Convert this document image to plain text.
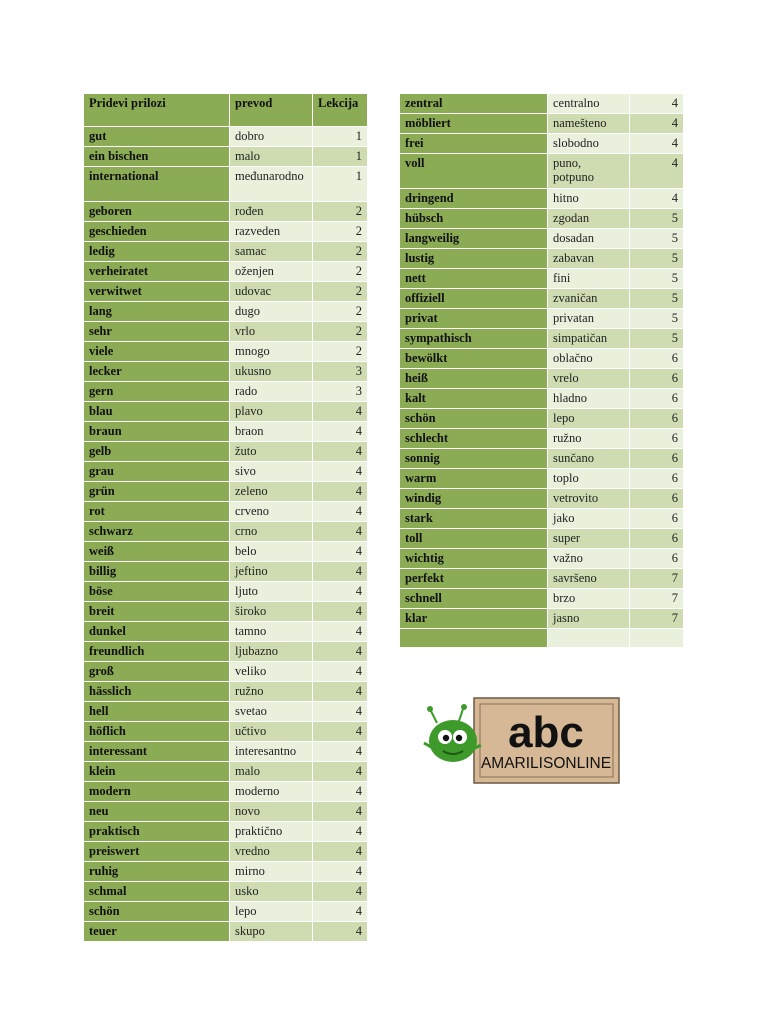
Pridevi prilozi	prevod	Lekcija
gut	dobro	1
ein bischen	malo	1
international	međunarodno	1
geboren	rođen	2
geschieden	razveden	2
ledig	samac	2
verheiratet	oženjen	2
verwitwet	udovac	2
lang	dugo	2
sehr	vrlo	2
viele	mnogo	2
lecker	ukusno	3
gern	rado	3
blau	plavo	4
braun	braon	4
gelb	žuto	4
grau	sivo	4
grün	zeleno	4
rot	crveno	4
schwarz	crno	4
weiß	belo	4
billig	jeftino	4
böse	ljuto	4
breit	široko	4
dunkel	tamno	4
freundlich	ljubazno	4
groß	veliko	4
hässlich	ružno	4
hell	svetao	4
höflich	učtivo	4
interessant	interesantno	4
klein	malo	4
modern	moderno	4
neu	novo	4
praktisch	praktično	4
preiswert	vredno	4
ruhig	mirno	4
schmal	usko	4
schön	lepo	4
teuer	skupo	4
zentral	centralno	4
möbliert	namešteno	4
frei	slobodno	4
voll	puno, potpuno	4
dringend	hitno	4
hübsch	zgodan	5
langweilig	dosadan	5
lustig	zabavan	5
nett	fini	5
offiziell	zvaničan	5
privat	privatan	5
sympathisch	simpatičan	5
bewölkt	oblačno	6
heiß	vrelo	6
kalt	hladno	6
schön	lepo	6
schlecht	ružno	6
sonnig	sunčano	6
warm	toplo	6
windig	vetrovito	6
stark	jako	6
toll	super	6
wichtig	važno	6
perfekt	savršeno	7
schnell	brzo	7
klar	jasno	7

abc
AMARILISONLINE
